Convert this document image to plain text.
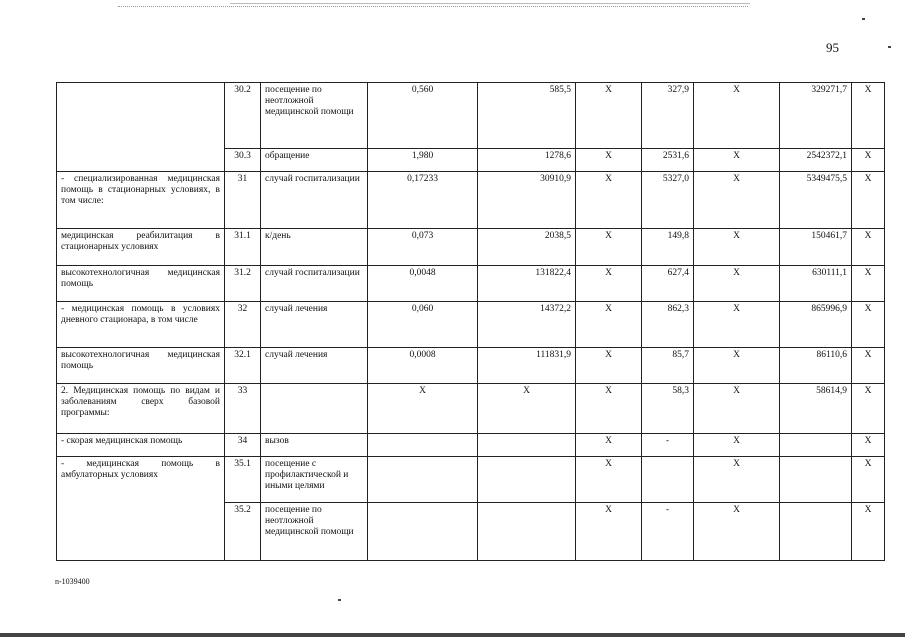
95
	30.2	посещение по неотложной медицинской помощи	0,560	585,5	X	327,9	X	329271,7	X
	30.3	обращение	1,980	1278,6	X	2531,6	X	2542372,1	X
- специализированная медицинская помощь в стационарных условиях, в том числе:	31	случай госпитализации	0,17233	30910,9	X	5327,0	X	5349475,5	X
медицинская реабилитация в стационарных условиях	31.1	к/день	0,073	2038,5	X	149,8	X	150461,7	X
высокотехнологичная медицинская помощь	31.2	случай госпитализации	0,0048	131822,4	X	627,4	X	630111,1	X
- медицинская помощь в условиях дневного стационара, в том числе	32	случай лечения	0,060	14372,2	X	862,3	X	865996,9	X
высокотехнологичная медицинская помощь	32.1	случай лечения	0,0008	111831,9	X	85,7	X	86110,6	X
2. Медицинская помощь по видам и заболеваниям сверх базовой программы:	33		X	X	X	58,3	X	58614,9	X
- скорая медицинская помощь	34	вызов			X	-	X		X
- медицинская помощь в амбулаторных условиях	35.1	посещение с профилактической и иными целями			X		X		X
	35.2	посещение по неотложной медицинской помощи			X	-	X		X
n-1039400
